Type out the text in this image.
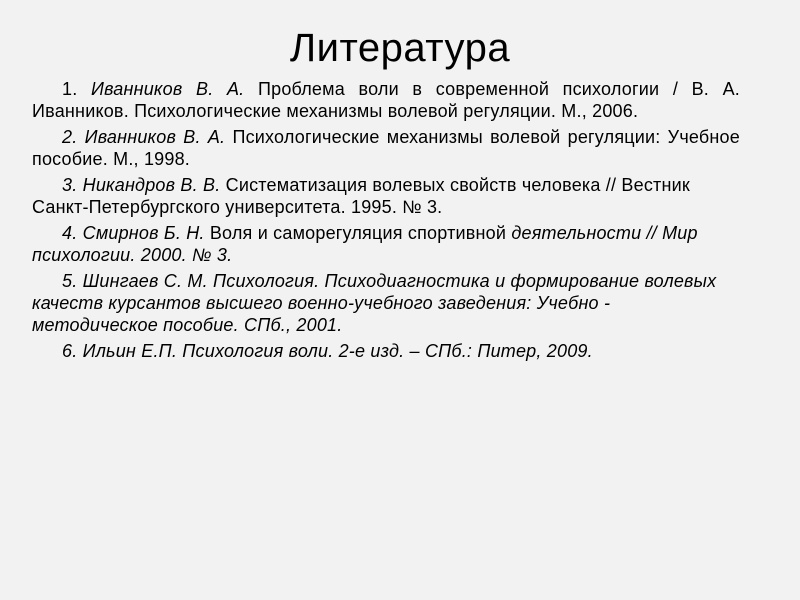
Литература

1. Иванников В. А. Проблема воли в современной психологии / В. А. Иванников. Психологические механизмы волевой регуляции. М., 2006.

2. Иванников В. А. Психологические механизмы волевой регуляции: Учебное пособие. М., 1998.

3. Никандров В. В. Систематизация волевых свойств человека // Вестник Санкт-Петербургского университета. 1995. № 3.

4. Смирнов Б. Н. Воля и саморегуляция спортивной деятельности // Мир психологии. 2000. № 3.

5. Шингаев С. М. Психология. Психодиагностика и формирование волевых качеств курсантов высшего военно-учебного заведения: Учебно - методическое пособие. СПб., 2001.

6. Ильин Е.П. Психология воли. 2-е изд. – СПб.: Питер, 2009.
